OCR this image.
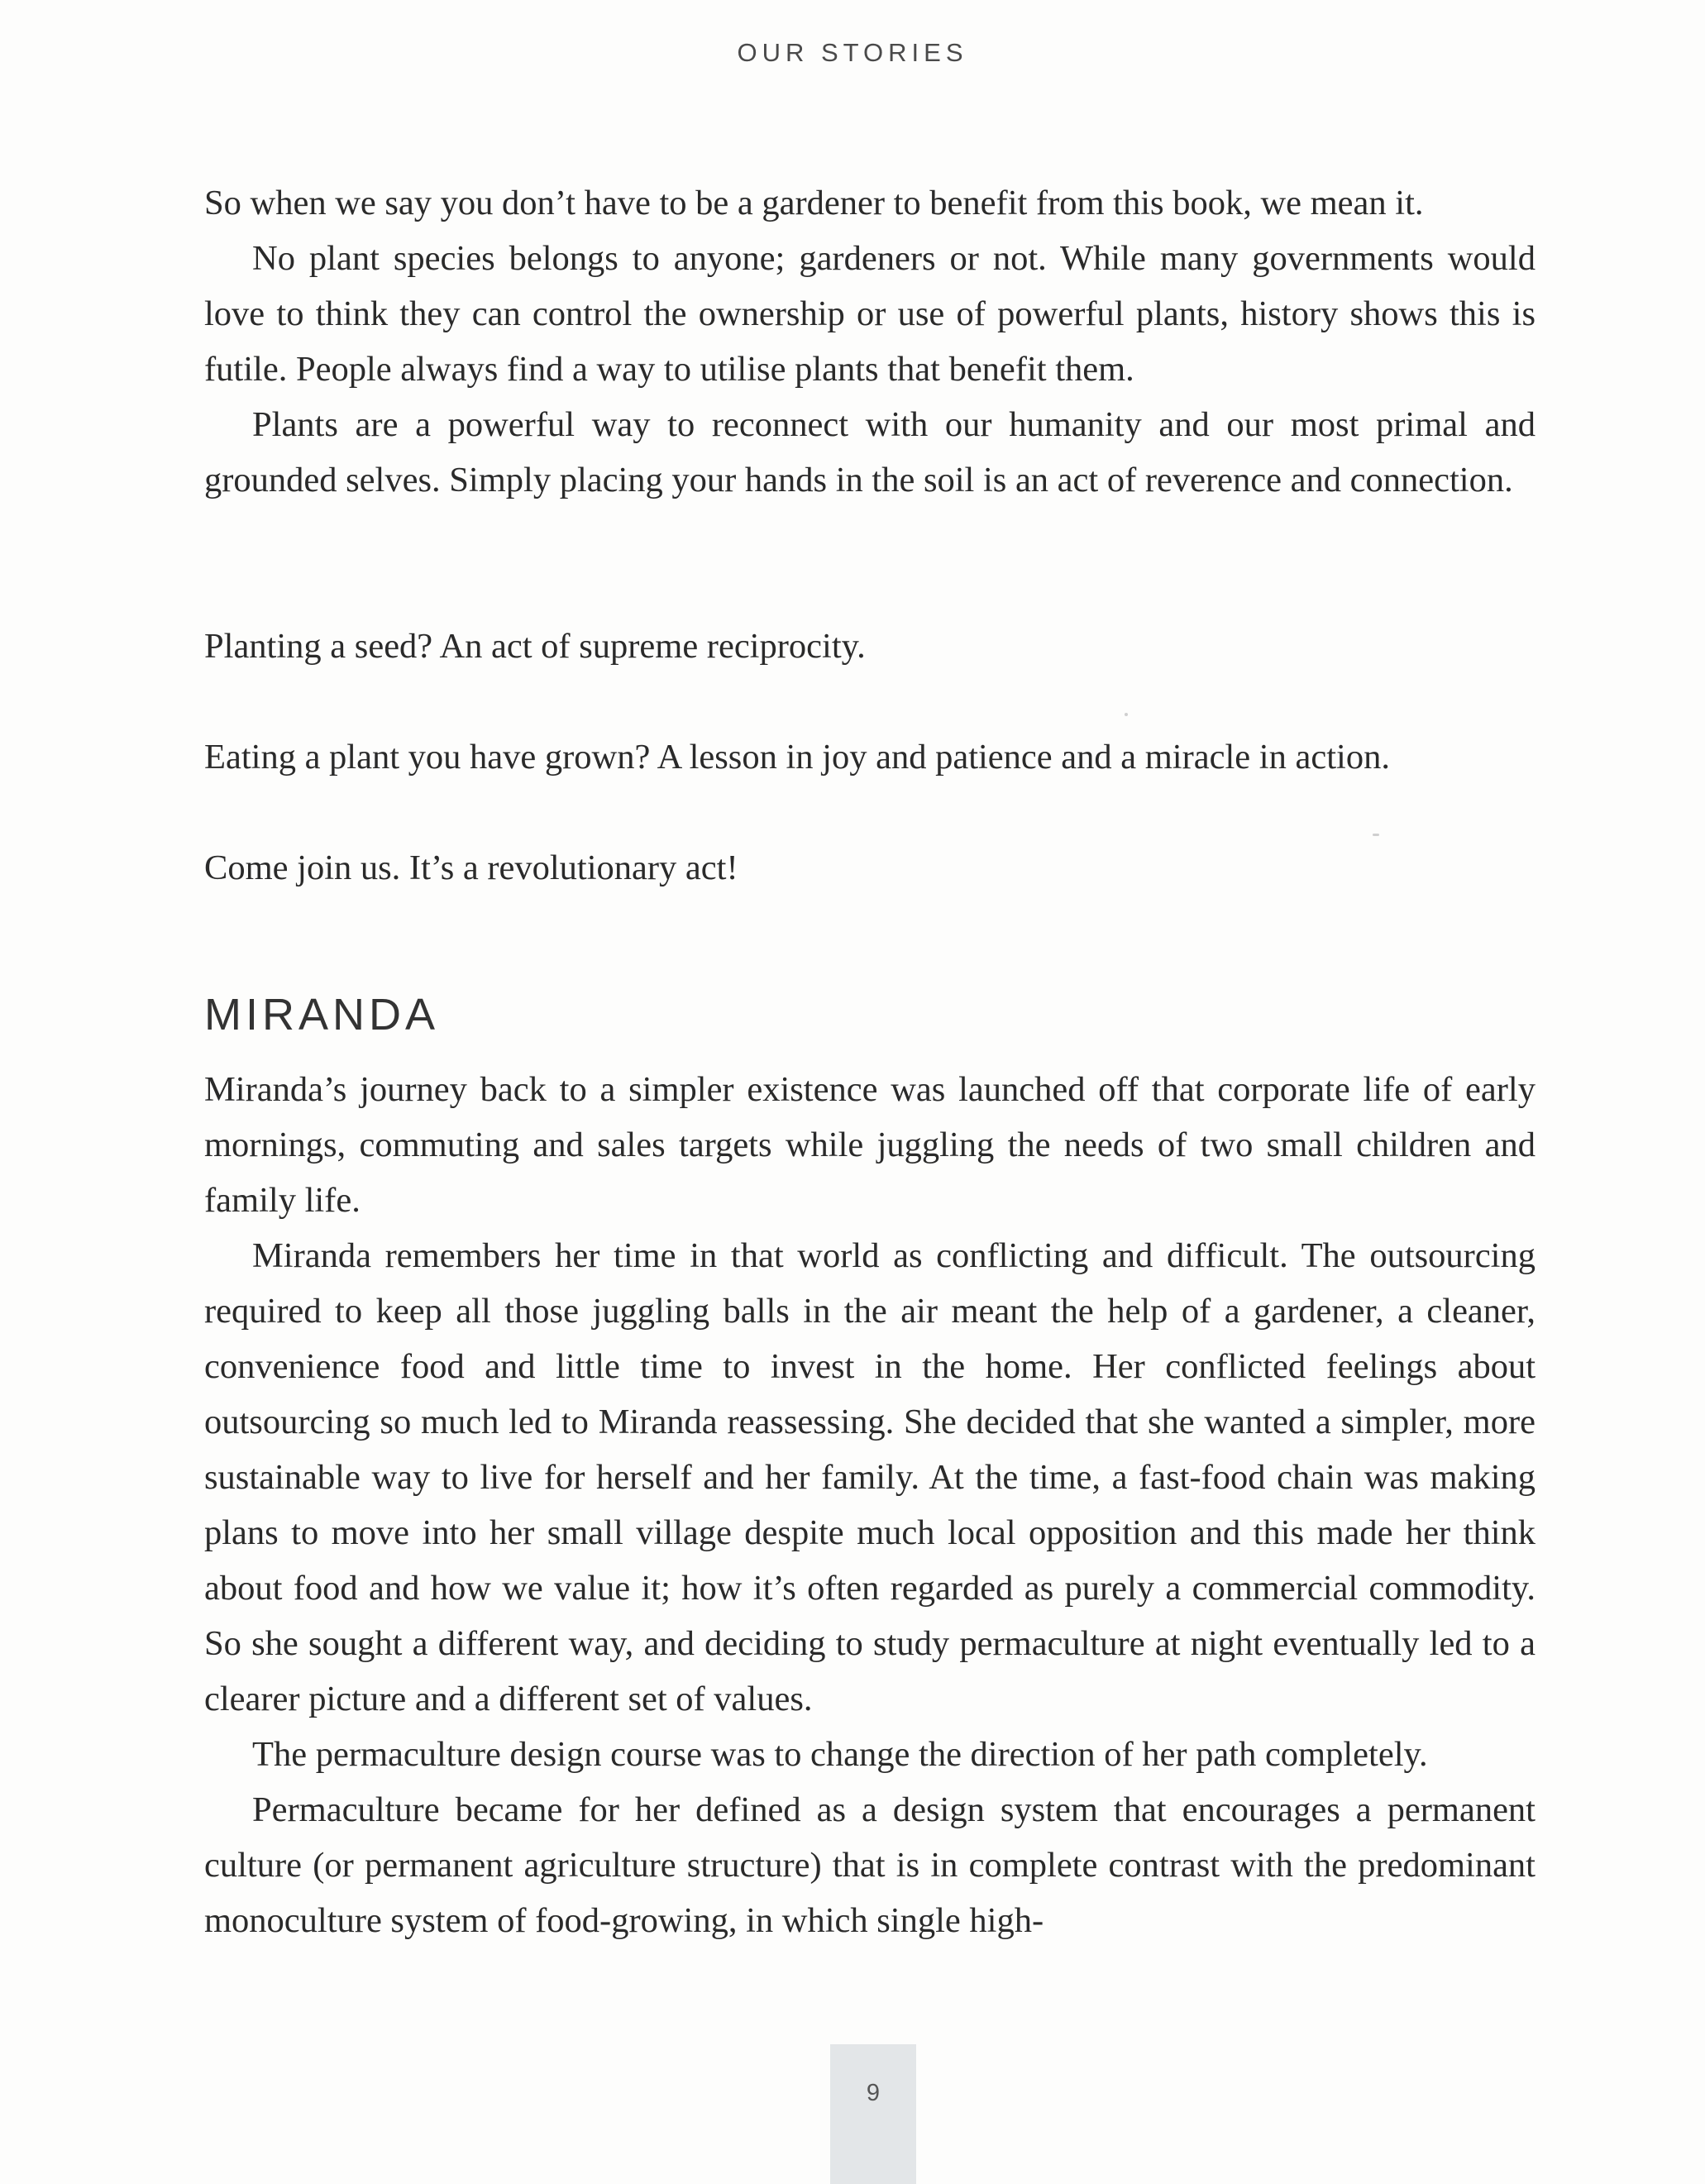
OUR STORIES

So when we say you don’t have to be a gardener to benefit from this book, we mean it.

No plant species belongs to anyone; gardeners or not. While many governments would love to think they can control the ownership or use of powerful plants, history shows this is futile. People always find a way to utilise plants that benefit them.

Plants are a powerful way to reconnect with our humanity and our most primal and grounded selves. Simply placing your hands in the soil is an act of reverence and connection.

Planting a seed? An act of supreme reciprocity.

Eating a plant you have grown? A lesson in joy and patience and a miracle in action.

Come join us. It’s a revolutionary act!

MIRANDA

Miranda’s journey back to a simpler existence was launched off that corporate life of early mornings, commuting and sales targets while juggling the needs of two small children and family life.

Miranda remembers her time in that world as conflicting and difficult. The outsourcing required to keep all those juggling balls in the air meant the help of a gardener, a cleaner, convenience food and little time to invest in the home. Her conflicted feelings about outsourcing so much led to Miranda reassessing. She decided that she wanted a simpler, more sustainable way to live for herself and her family. At the time, a fast-food chain was making plans to move into her small village despite much local opposition and this made her think about food and how we value it; how it’s often regarded as purely a commercial commodity. So she sought a different way, and deciding to study permaculture at night eventually led to a clearer picture and a different set of values.

The permaculture design course was to change the direction of her path completely.

Permaculture became for her defined as a design system that encourages a permanent culture (or permanent agriculture structure) that is in complete contrast with the predominant monoculture system of food-growing, in which single high-

9
